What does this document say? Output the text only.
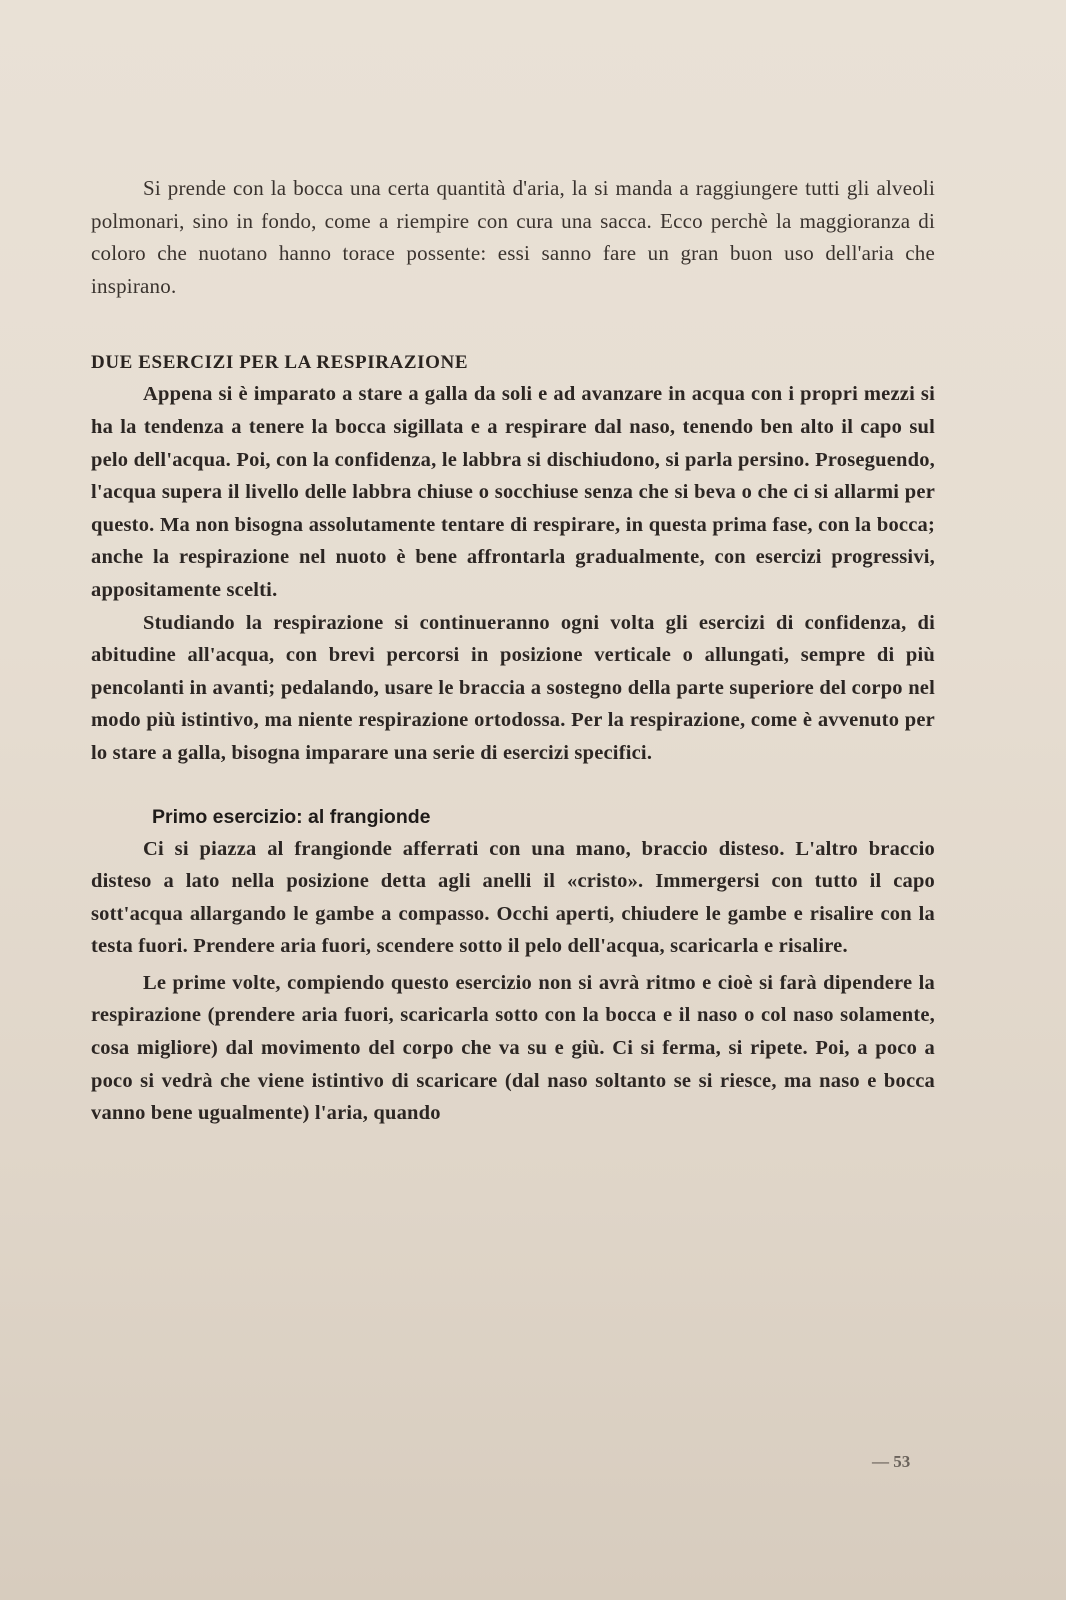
Si prende con la bocca una certa quantità d'aria, la si manda a raggiungere tutti gli alveoli polmonari, sino in fondo, come a riempire con cura una sacca. Ecco perchè la maggioranza di coloro che nuotano hanno torace possente: essi sanno fare un gran buon uso dell'aria che inspirano.

DUE ESERCIZI PER LA RESPIRAZIONE

Appena si è imparato a stare a galla da soli e ad avanzare in acqua con i propri mezzi si ha la tendenza a tenere la bocca sigillata e a respirare dal naso, tenendo ben alto il capo sul pelo dell'acqua. Poi, con la confidenza, le labbra si dischiudono, si parla persino. Proseguendo, l'acqua supera il livello delle labbra chiuse o socchiuse senza che si beva o che ci si allarmi per questo. Ma non bisogna assolutamente tentare di respirare, in questa prima fase, con la bocca; anche la respirazione nel nuoto è bene affrontarla gradualmente, con esercizi progressivi, appositamente scelti.

Studiando la respirazione si continueranno ogni volta gli esercizi di confidenza, di abitudine all'acqua, con brevi percorsi in posizione verticale o allungati, sempre di più pencolanti in avanti; pedalando, usare le braccia a sostegno della parte superiore del corpo nel modo più istintivo, ma niente respirazione ortodossa. Per la respirazione, come è avvenuto per lo stare a galla, bisogna imparare una serie di esercizi specifici.

Primo esercizio: al frangionde

Ci si piazza al frangionde afferrati con una mano, braccio disteso. L'altro braccio disteso a lato nella posizione detta agli anelli il «cristo». Immergersi con tutto il capo sott'acqua allargando le gambe a compasso. Occhi aperti, chiudere le gambe e risalire con la testa fuori. Prendere aria fuori, scendere sotto il pelo dell'acqua, scaricarla e risalire.

Le prime volte, compiendo questo esercizio non si avrà ritmo e cioè si farà dipendere la respirazione (prendere aria fuori, scaricarla sotto con la bocca e il naso o col naso solamente, cosa migliore) dal movimento del corpo che va su e giù. Ci si ferma, si ripete. Poi, a poco a poco si vedrà che viene istintivo di scaricare (dal naso soltanto se si riesce, ma naso e bocca vanno bene ugualmente) l'aria, quando

— 53
